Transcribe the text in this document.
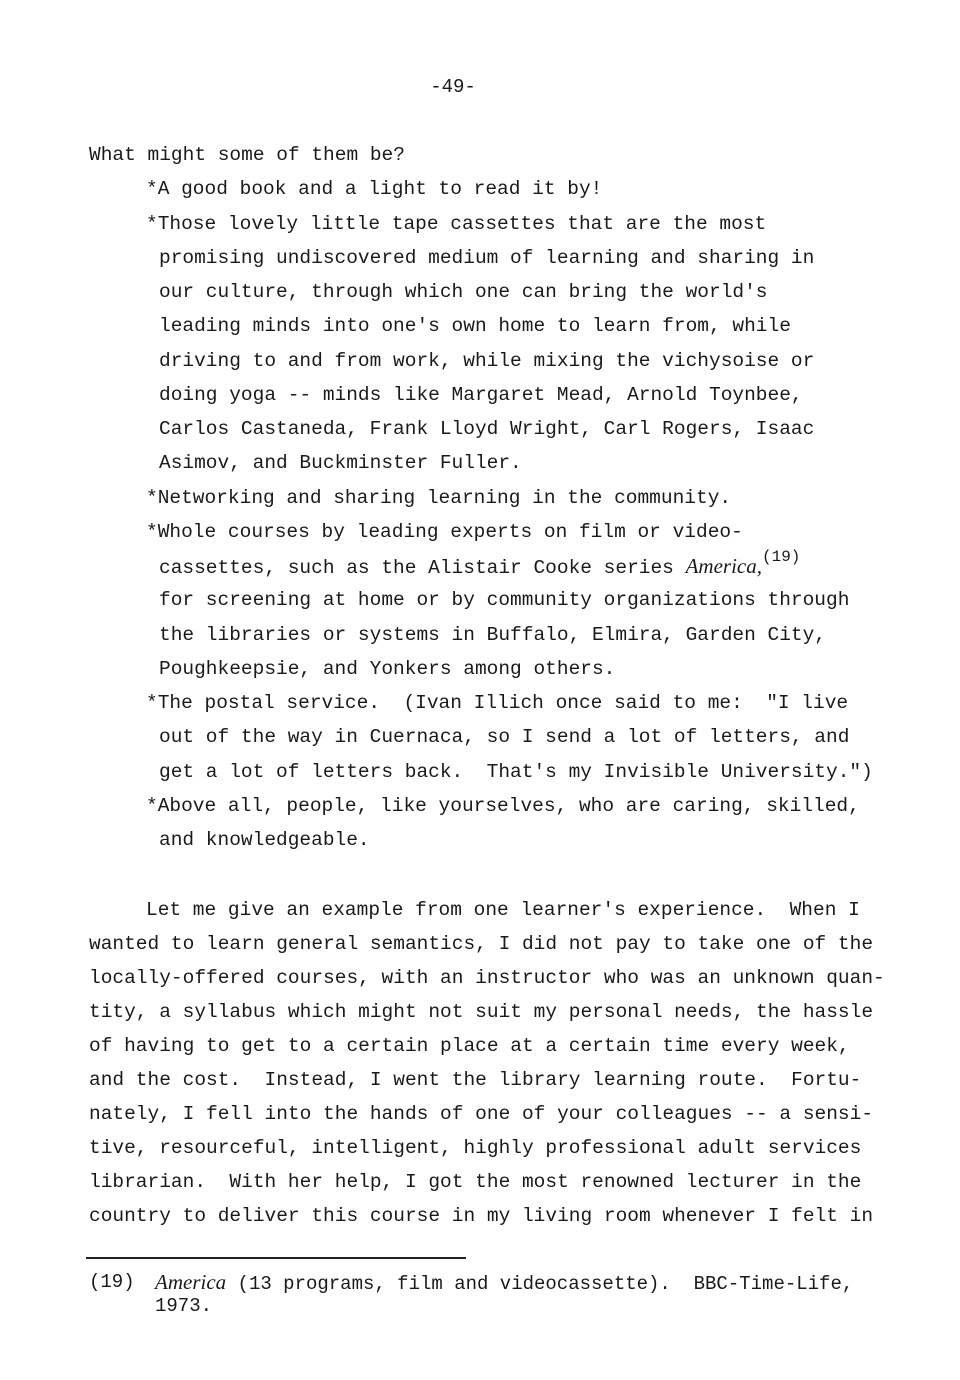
-49-
What might some of them be?
*A good book and a light to read it by!
*Those lovely little tape cassettes that are the most
promising undiscovered medium of learning and sharing in
our culture, through which one can bring the world's
leading minds into one's own home to learn from, while
driving to and from work, while mixing the vichysoise or
doing yoga -- minds like Margaret Mead, Arnold Toynbee,
Carlos Castaneda, Frank Lloyd Wright, Carl Rogers, Isaac
Asimov, and Buckminster Fuller.
*Networking and sharing learning in the community.
*Whole courses by leading experts on film or video-
cassettes, such as the Alistair Cooke series America,$^{(19)}$
for screening at home or by community organizations through
the libraries or systems in Buffalo, Elmira, Garden City,
Poughkeepsie, and Yonkers among others.
*The postal service.  (Ivan Illich once said to me:  "I live
out of the way in Cuernaca, so I send a lot of letters, and
get a lot of letters back.  That's my Invisible University.")
*Above all, people, like yourselves, who are caring, skilled,
and knowledgeable.
Let me give an example from one learner's experience.  When I
wanted to learn general semantics, I did not pay to take one of the
locally-offered courses, with an instructor who was an unknown quan-
tity, a syllabus which might not suit my personal needs, the hassle
of having to get to a certain place at a certain time every week,
and the cost.  Instead, I went the library learning route.  Fortu-
nately, I fell into the hands of one of your colleagues -- a sensi-
tive, resourceful, intelligent, highly professional adult services
librarian.  With her help, I got the most renowned lecturer in the
country to deliver this course in my living room whenever I felt in
(19) America (13 programs, film and videocassette).  BBC-Time-Life,
1973.
